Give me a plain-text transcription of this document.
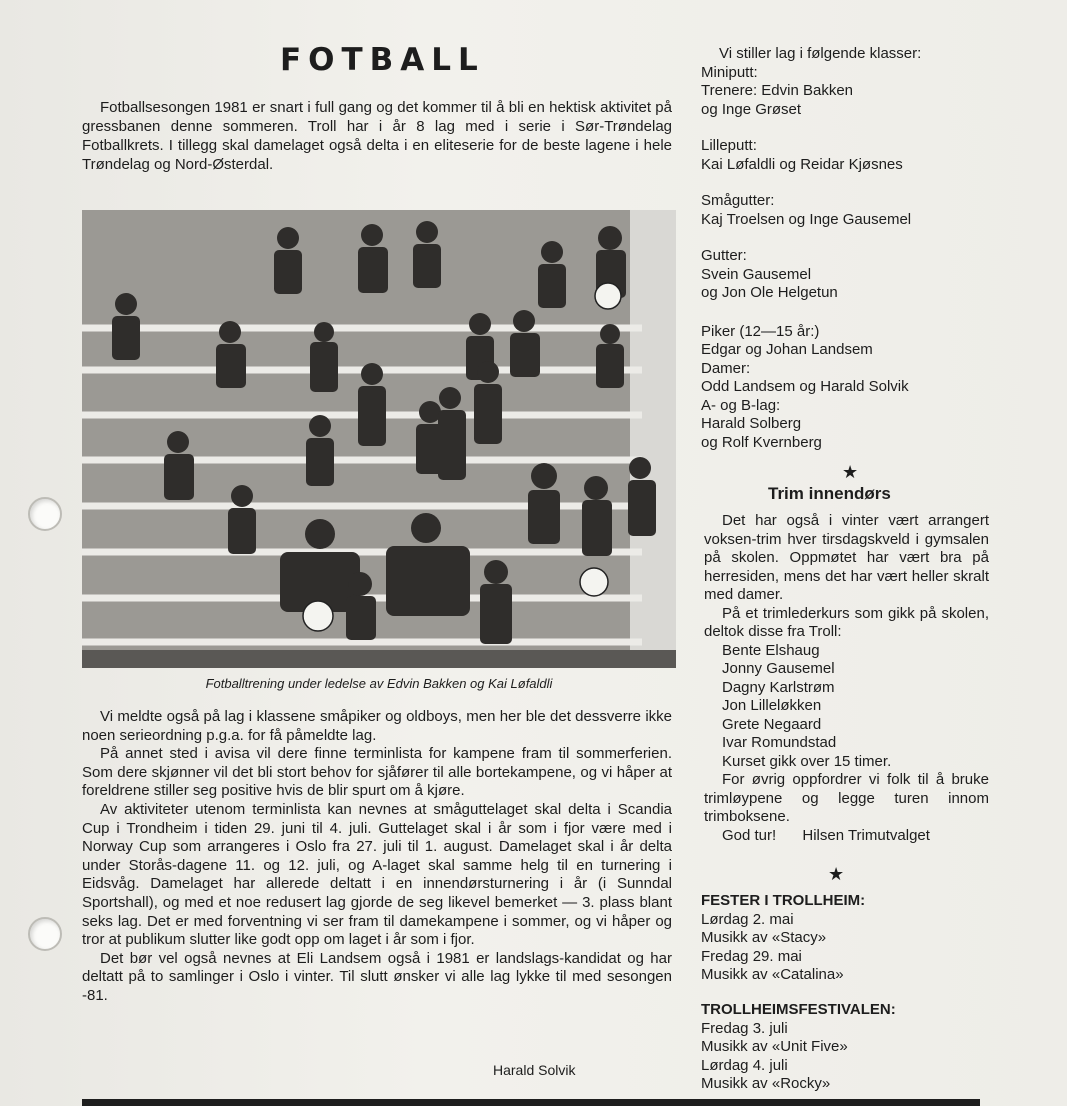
FOTBALL

Fotballsesongen 1981 er snart i full gang og det kommer til å bli en hektisk aktivitet på gressbanen denne sommeren. Troll har i år 8 lag med i serie i Sør-Trøndelag Fotballkrets. I tillegg skal damelaget også delta i en eliteserie for de beste lagene i hele Trøndelag og Nord-Østerdal.

Fotballtrening under ledelse av Edvin Bakken og Kai Løfaldli

Vi meldte også på lag i klassene småpiker og oldboys, men her ble det dessverre ikke noen serieordning p.g.a. for få påmeldte lag.

På annet sted i avisa vil dere finne terminlista for kampene fram til sommerferien. Som dere skjønner vil det bli stort behov for sjåfører til alle bortekampene, og vi håper at foreldrene stiller seg positive hvis de blir spurt om å kjøre.

Av aktiviteter utenom terminlista kan nevnes at småguttelaget skal delta i Scandia Cup i Trondheim i tiden 29. juni til 4. juli. Guttelaget skal i år som i fjor være med i Norway Cup som arrangeres i Oslo fra 27. juli til 1. august. Damelaget skal i år delta under Storås-dagene 11. og 12. juli, og A-laget skal samme helg til en turnering i Eidsvåg. Damelaget har allerede deltatt i en innendørsturnering i år (i Sunndal Sportshall), og med et noe redusert lag gjorde de seg likevel bemerket — 3. plass blant seks lag. Det er med forventning vi ser fram til damekampene i sommer, og vi håper og tror at publikum slutter like godt opp om laget i år som i fjor.

Det bør vel også nevnes at Eli Landsem også i 1981 er landslags-kandidat og har deltatt på to samlinger i Oslo i vinter. Til slutt ønsker vi alle lag lykke til med sesongen -81.

Harald Solvik
Vi stiller lag i følgende klasser:
Miniputt:
Trenere: Edvin Bakken
og Inge Grøset
Lilleputt:
Kai Løfaldli og Reidar Kjøsnes
Smågutter:
Kaj Troelsen og Inge Gausemel
Gutter:
Svein Gausemel
og Jon Ole Helgetun
Piker (12—15 år:)
Edgar og Johan Landsem
Damer:
Odd Landsem og Harald Solvik
A- og B-lag:
Harald Solberg
og Rolf Kvernberg
★
Trim innendørs
Det har også i vinter vært arrangert voksen-trim hver tirsdagskveld i gymsalen på skolen. Oppmøtet har vært bra på herresiden, mens det har vært heller skralt med damer.
På et trimlederkurs som gikk på skolen, deltok disse fra Troll:
Bente Elshaug
Jonny Gausemel
Dagny Karlstrøm
Jon Lilleløkken
Grete Negaard
Ivar Romundstad
Kurset gikk over 15 timer.
For øvrig oppfordrer vi folk til å bruke trimløypene og legge turen innom trimboksene.
God tur! Hilsen Trimutvalget
★
FESTER I TROLLHEIM:
Lørdag 2. mai
Musikk av «Stacy»
Fredag 29. mai
Musikk av «Catalina»
TROLLHEIMSFESTIVALEN:
Fredag 3. juli
Musikk av «Unit Five»
Lørdag 4. juli
Musikk av «Rocky»
